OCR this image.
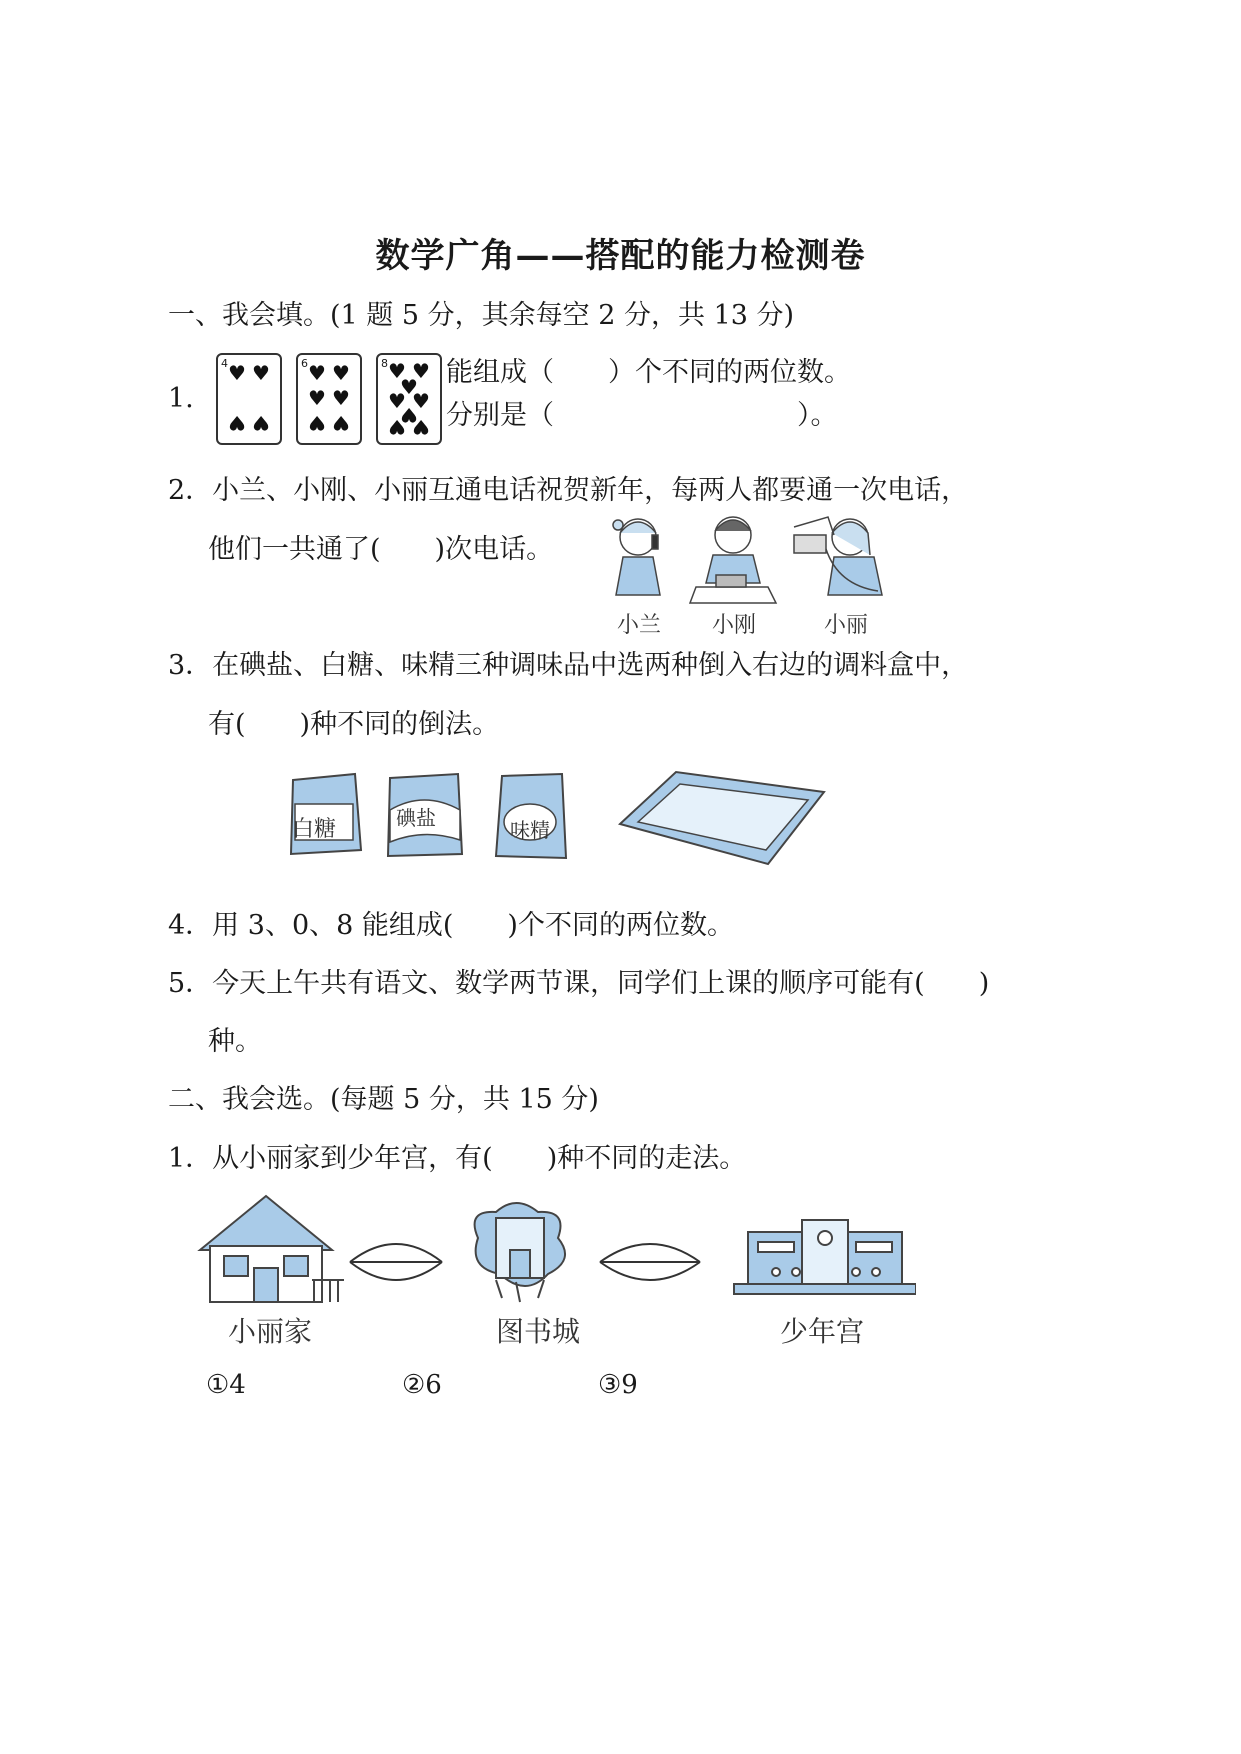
数学广角——搭配的能力检测卷
一、我会填。(1 题 5 分，其余每空 2 分，共 13 分)
1.
4 ♥ ♥
♥ ♥
6 ♥ ♥
♥ ♥
♥ ♥
8 ♥ ♥
♥
♥ ♥
♥
♥ ♥
能组成（　　）个不同的两位数。
分别是（　　　　　　　　　）。
2．小兰、小刚、小丽互通电话祝贺新年，每两人都要通一次电话，
他们一共通了(　　)次电话。
小兰 小刚	小丽
3．在碘盐、白糖、味精三种调味品中选两种倒入右边的调料盒中，
有(　　)种不同的倒法。
白糖	碘盐	味精
4．用 3、0、8 能组成(　　)个不同的两位数。
5．今天上午共有语文、数学两节课，同学们上课的顺序可能有(　　)
种。
二、我会选。(每题 5 分，共 15 分)
1．从小丽家到少年宫，有(　　)种不同的走法。
小丽家	图书城	少年宫
①4	②6	③9
